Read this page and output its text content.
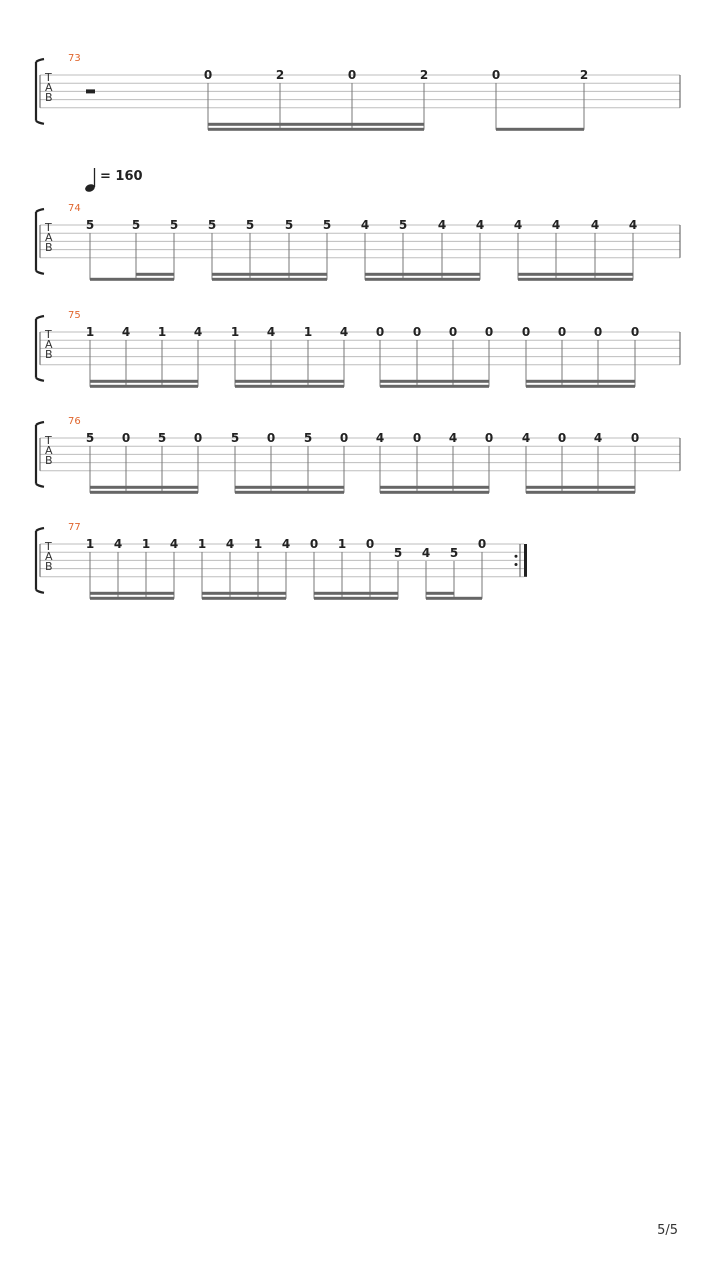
T
A
B
73
0	2	0	2	0	2
T
A
B
74
5	5 5 5 5	5 5 4 5	4 4 4 4	4 4
T
A
B
75
1 4 1 4 1 4 1 4 0 0 0 0 0 0 0 0
T
A
B
76
5 0 5 0 5 0 5 0 4 0 4 0 4 0 4 0
T
A
B
77
1 4 1 4 1 4 1 4 0 1 0
5 4 5
0
= 160
5/5
